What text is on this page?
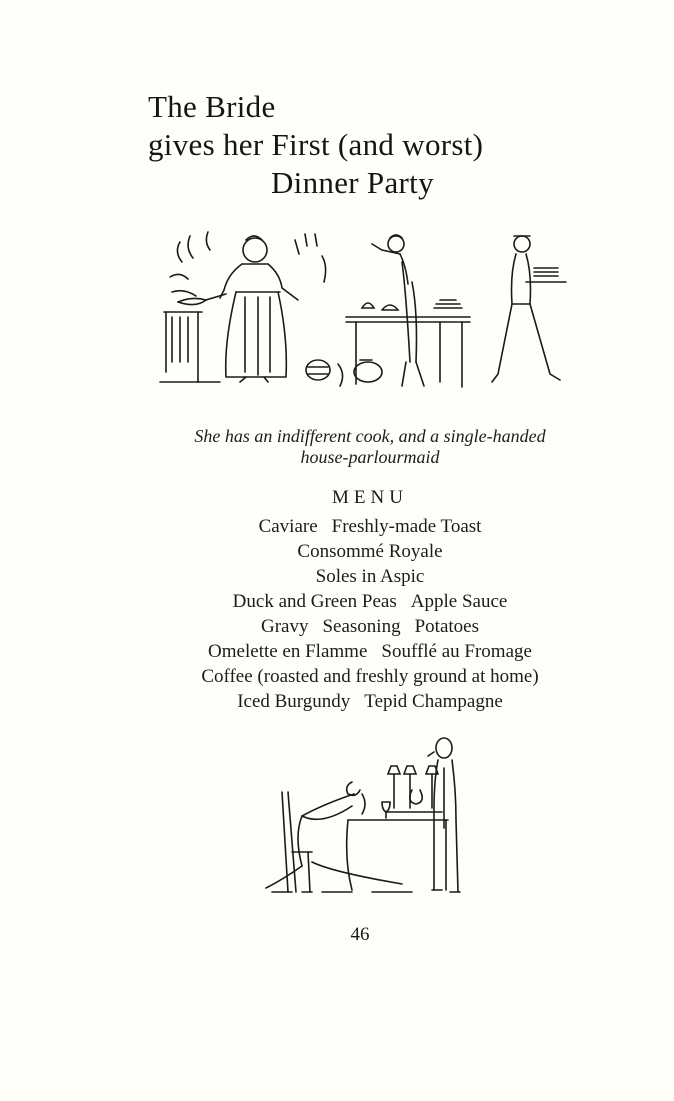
The Bride
gives her First (and worst)
Dinner Party
She has an indifferent cook, and a single-handed
house-parlourmaid
MENU
Caviare Freshly-made Toast
Consommé Royale
Soles in Aspic
Duck and Green Peas Apple Sauce
Gravy Seasoning Potatoes
Omelette en Flamme Soufflé au Fromage
Coffee (roasted and freshly ground at home)
Iced Burgundy Tepid Champagne
46
